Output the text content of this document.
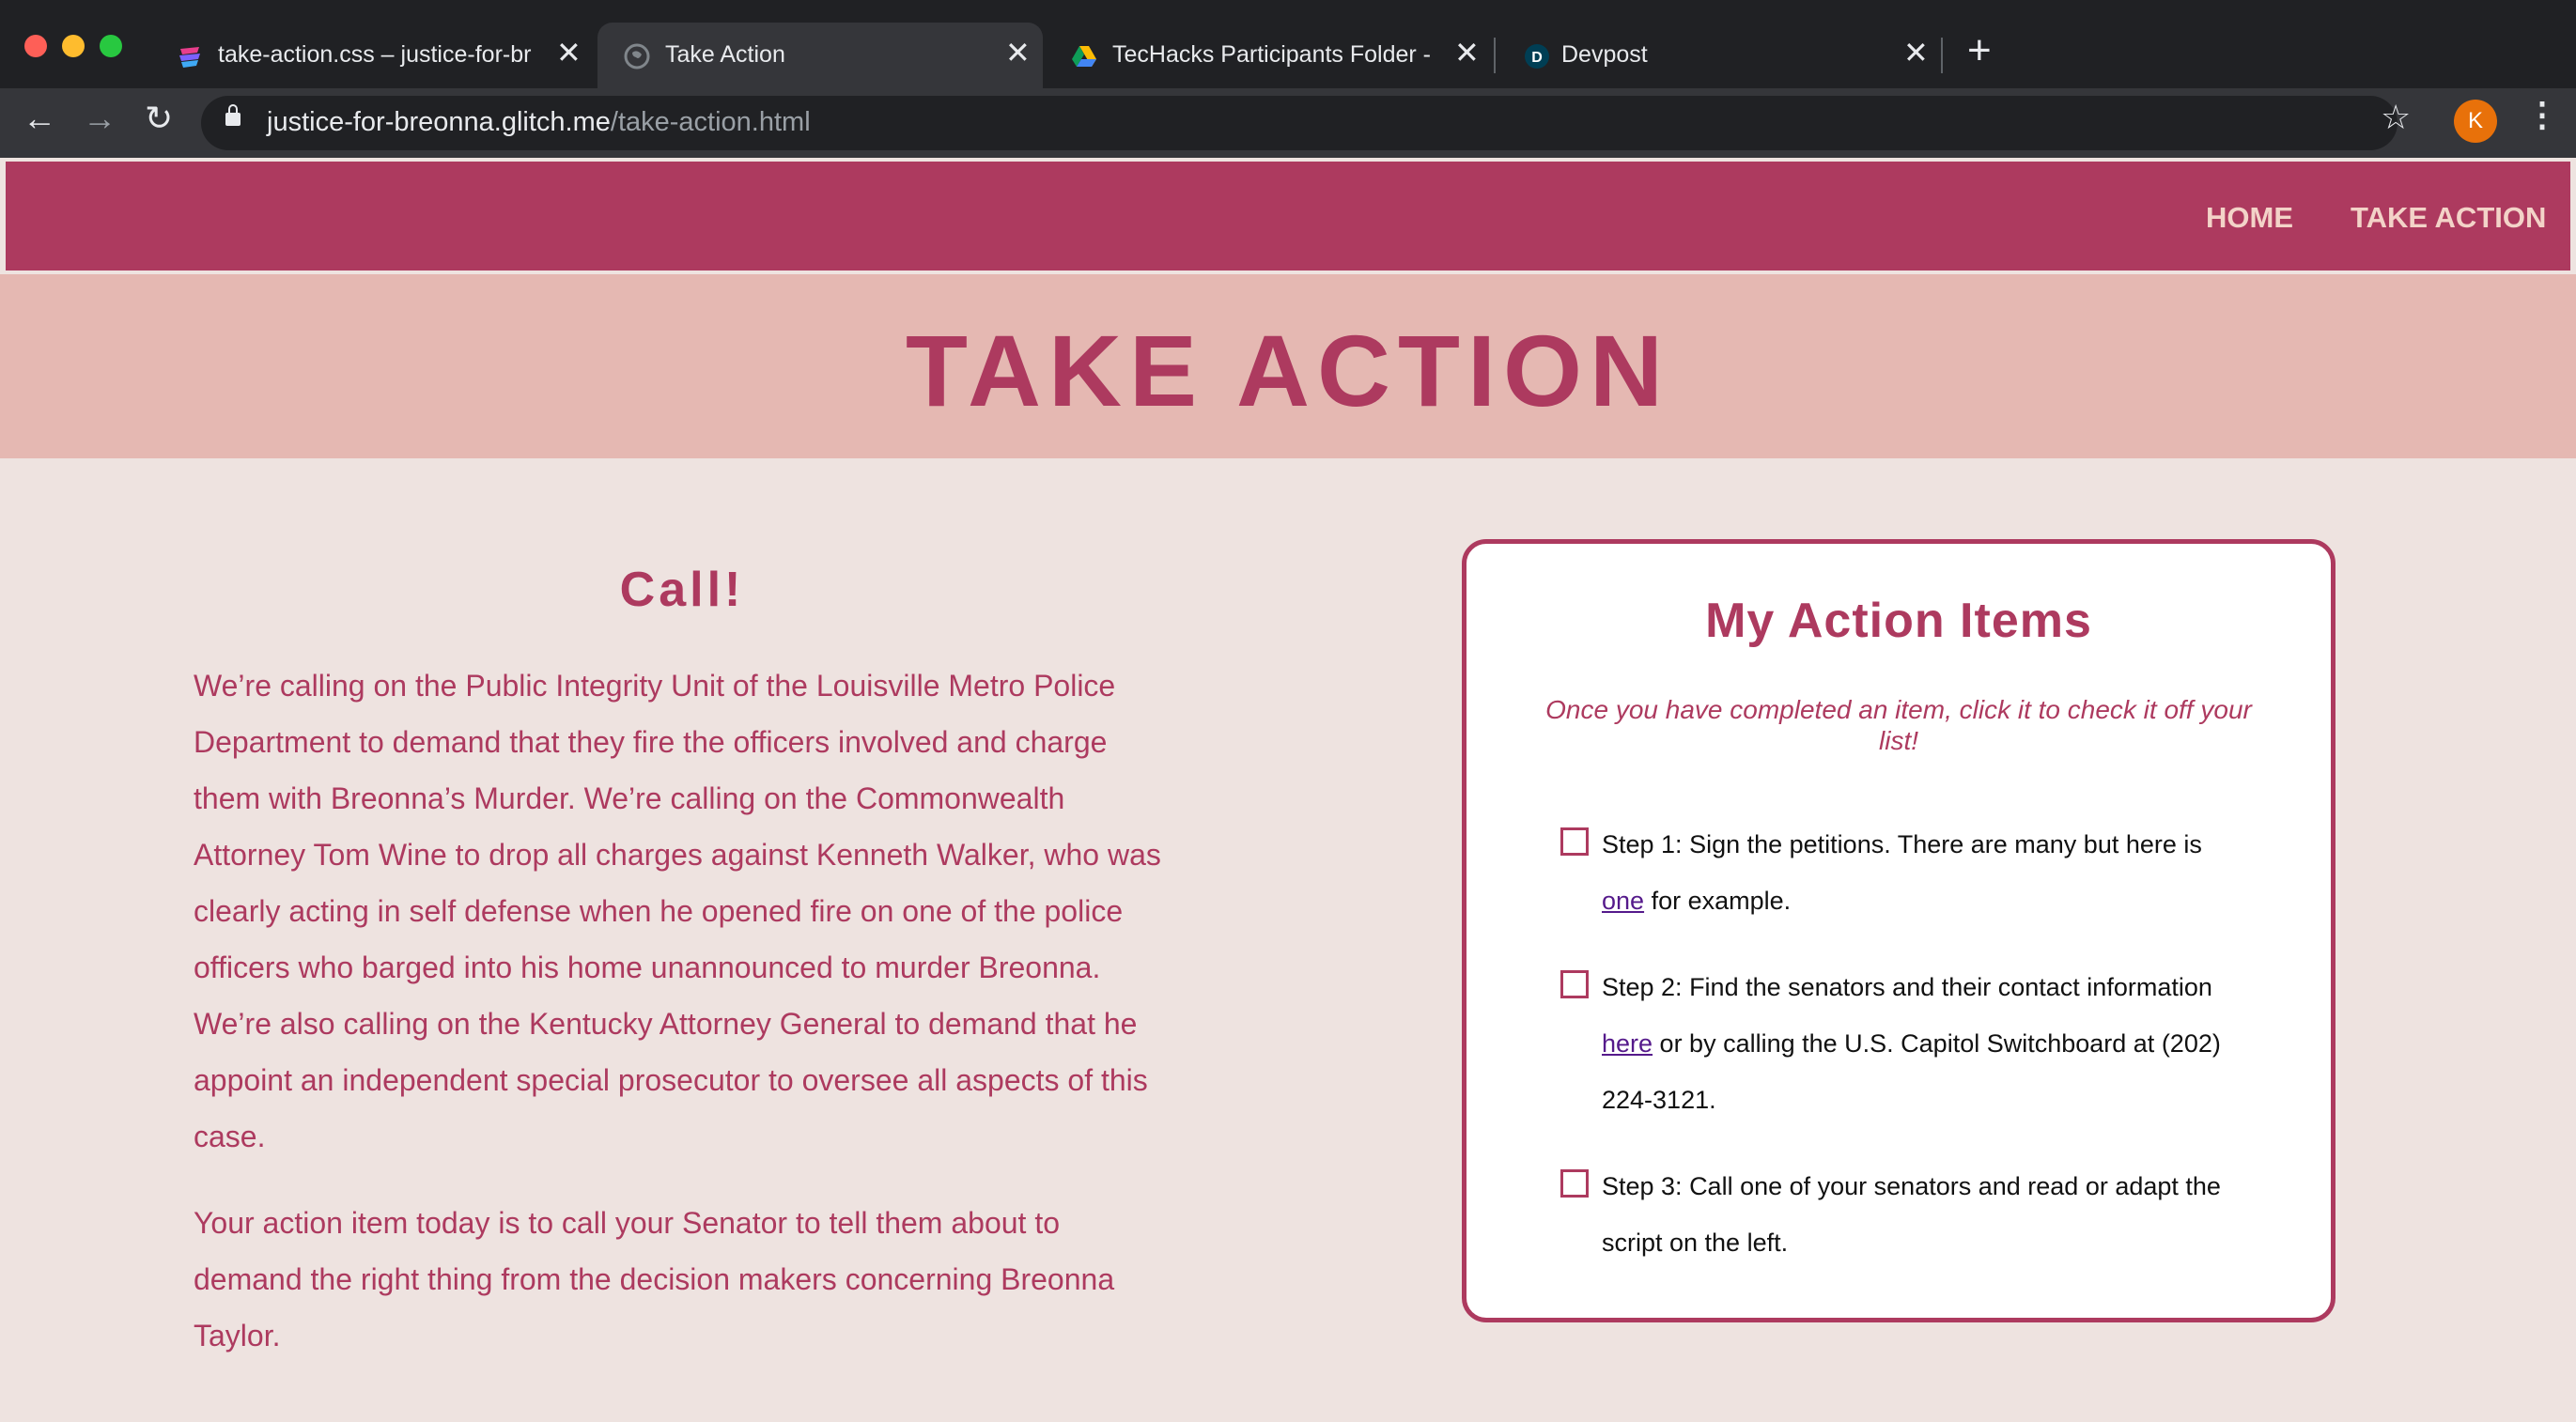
take-action.css – justice-for-br ✕	Take Action	✕	TecHacks Participants Folder - ✕	D Devpost	✕ +
← → ↻	justice-for-breonna.glitch.me/take-action.html	☆	K	⋮
HOME TAKE ACTION
TAKE ACTION
Call!

We’re calling on the Public Integrity Unit of the Louisville Metro Police Department to demand that they fire the officers involved and charge them with Breonna’s Murder. We’re calling on the Commonwealth Attorney Tom Wine to drop all charges against Kenneth Walker, who was clearly acting in self defense when he opened fire on one of the police officers who barged into his home unannounced to murder Breonna. We’re also calling on the Kentucky Attorney General to demand that he appoint an independent special prosecutor to oversee all aspects of this case.

Your action item today is to call your Senator to tell them about to demand the right thing from the decision makers concerning Breonna Taylor.

My Action Items
Once you have completed an item, click it to check it off your list!
Step 1: Sign the petitions. There are many but here is one for example.
Step 2: Find the senators and their contact information here or by calling the U.S. Capitol Switchboard at (202) 224-3121.
Step 3: Call one of your senators and read or adapt the script on the left.
